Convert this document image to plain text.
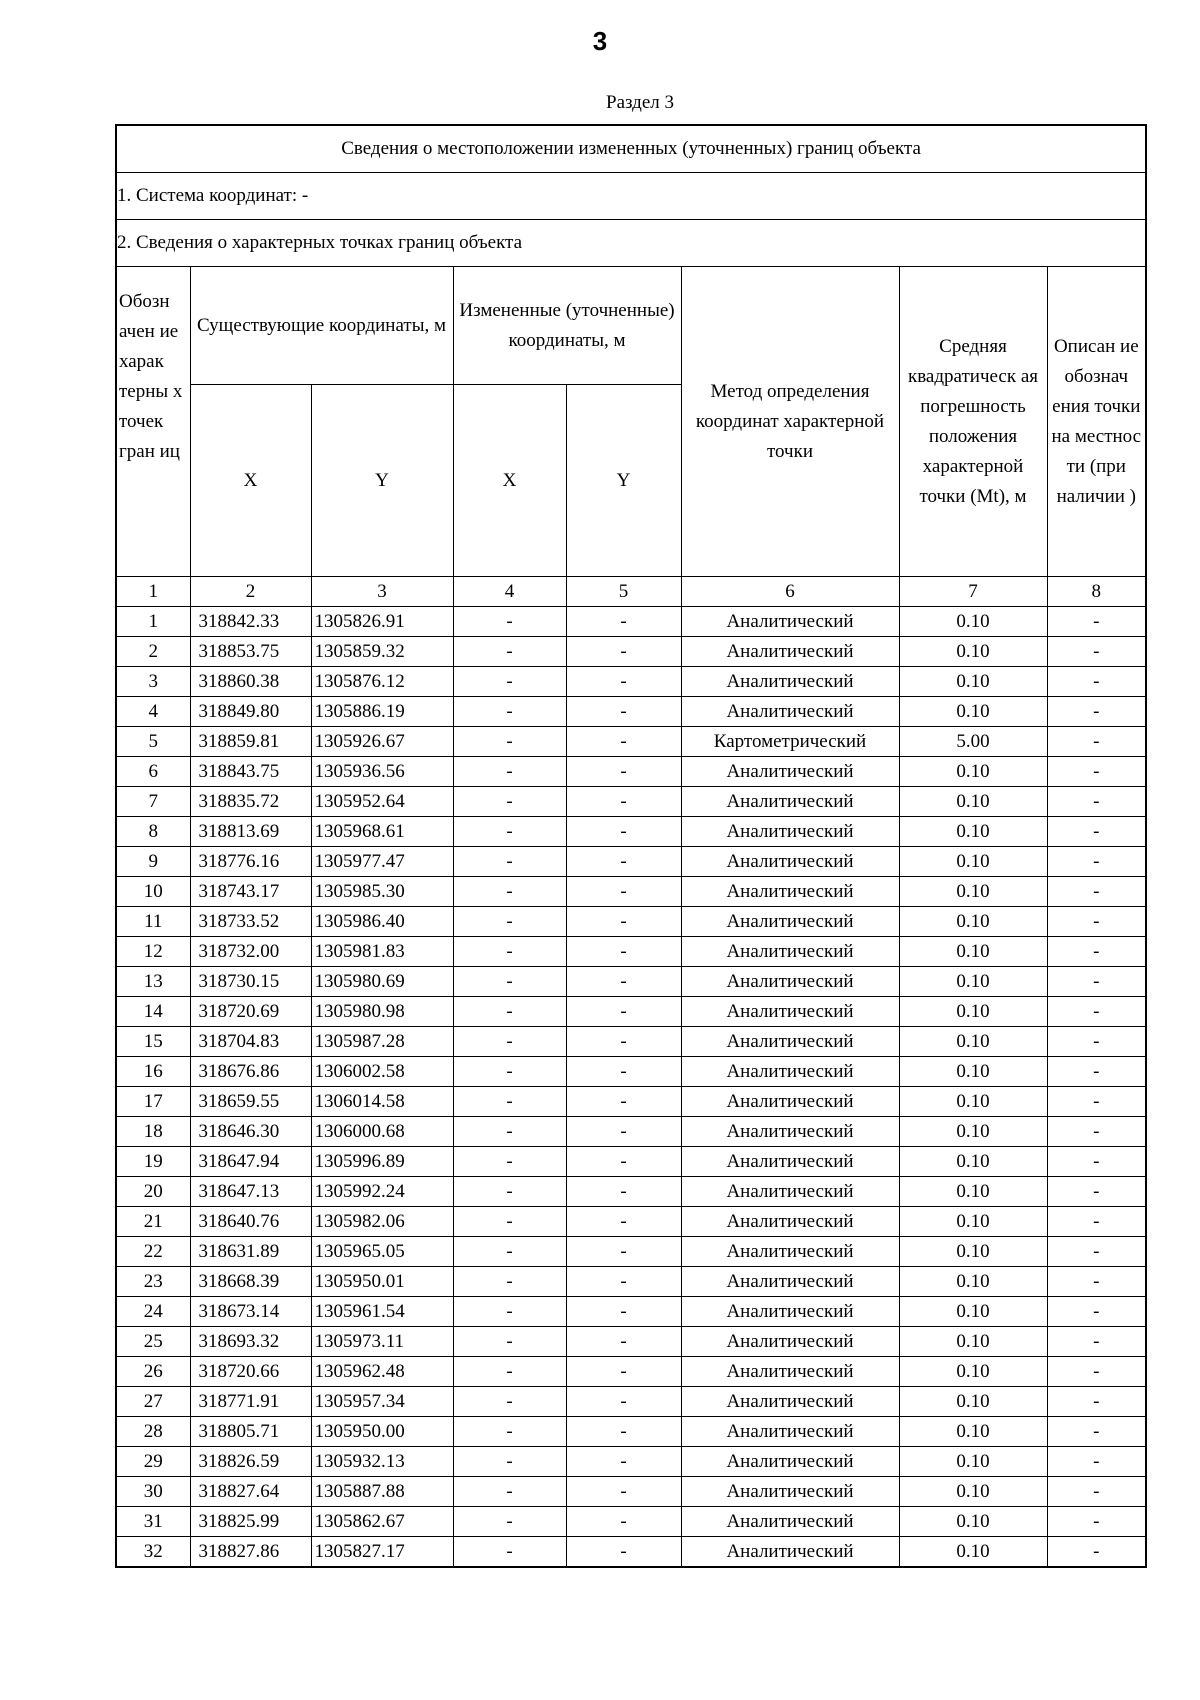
3
Раздел 3
Сведения о местоположении измененных (уточненных) границ объекта							
1. Система координат: -							
2. Сведения о характерных точках границ объекта							
Обозн ачен ие харак терны х точек гран иц	Существующие координаты, м		Измененные (уточненные) координаты, м		Метод определения координат характерной точки	Средняя квадратическ ая погрешность положения характерной точки (Mt), м	Описан ие обознач ения точки на местнос ти (при наличии )
	X	Y	X	Y			
1	2	3	4	5	6	7	8
1	318842.33	1305826.91	-	-	Аналитический	0.10	-
2	318853.75	1305859.32	-	-	Аналитический	0.10	-
3	318860.38	1305876.12	-	-	Аналитический	0.10	-
4	318849.80	1305886.19	-	-	Аналитический	0.10	-
5	318859.81	1305926.67	-	-	Картометрический	5.00	-
6	318843.75	1305936.56	-	-	Аналитический	0.10	-
7	318835.72	1305952.64	-	-	Аналитический	0.10	-
8	318813.69	1305968.61	-	-	Аналитический	0.10	-
9	318776.16	1305977.47	-	-	Аналитический	0.10	-
10	318743.17	1305985.30	-	-	Аналитический	0.10	-
11	318733.52	1305986.40	-	-	Аналитический	0.10	-
12	318732.00	1305981.83	-	-	Аналитический	0.10	-
13	318730.15	1305980.69	-	-	Аналитический	0.10	-
14	318720.69	1305980.98	-	-	Аналитический	0.10	-
15	318704.83	1305987.28	-	-	Аналитический	0.10	-
16	318676.86	1306002.58	-	-	Аналитический	0.10	-
17	318659.55	1306014.58	-	-	Аналитический	0.10	-
18	318646.30	1306000.68	-	-	Аналитический	0.10	-
19	318647.94	1305996.89	-	-	Аналитический	0.10	-
20	318647.13	1305992.24	-	-	Аналитический	0.10	-
21	318640.76	1305982.06	-	-	Аналитический	0.10	-
22	318631.89	1305965.05	-	-	Аналитический	0.10	-
23	318668.39	1305950.01	-	-	Аналитический	0.10	-
24	318673.14	1305961.54	-	-	Аналитический	0.10	-
25	318693.32	1305973.11	-	-	Аналитический	0.10	-
26	318720.66	1305962.48	-	-	Аналитический	0.10	-
27	318771.91	1305957.34	-	-	Аналитический	0.10	-
28	318805.71	1305950.00	-	-	Аналитический	0.10	-
29	318826.59	1305932.13	-	-	Аналитический	0.10	-
30	318827.64	1305887.88	-	-	Аналитический	0.10	-
31	318825.99	1305862.67	-	-	Аналитический	0.10	-
32	318827.86	1305827.17	-	-	Аналитический	0.10	-
